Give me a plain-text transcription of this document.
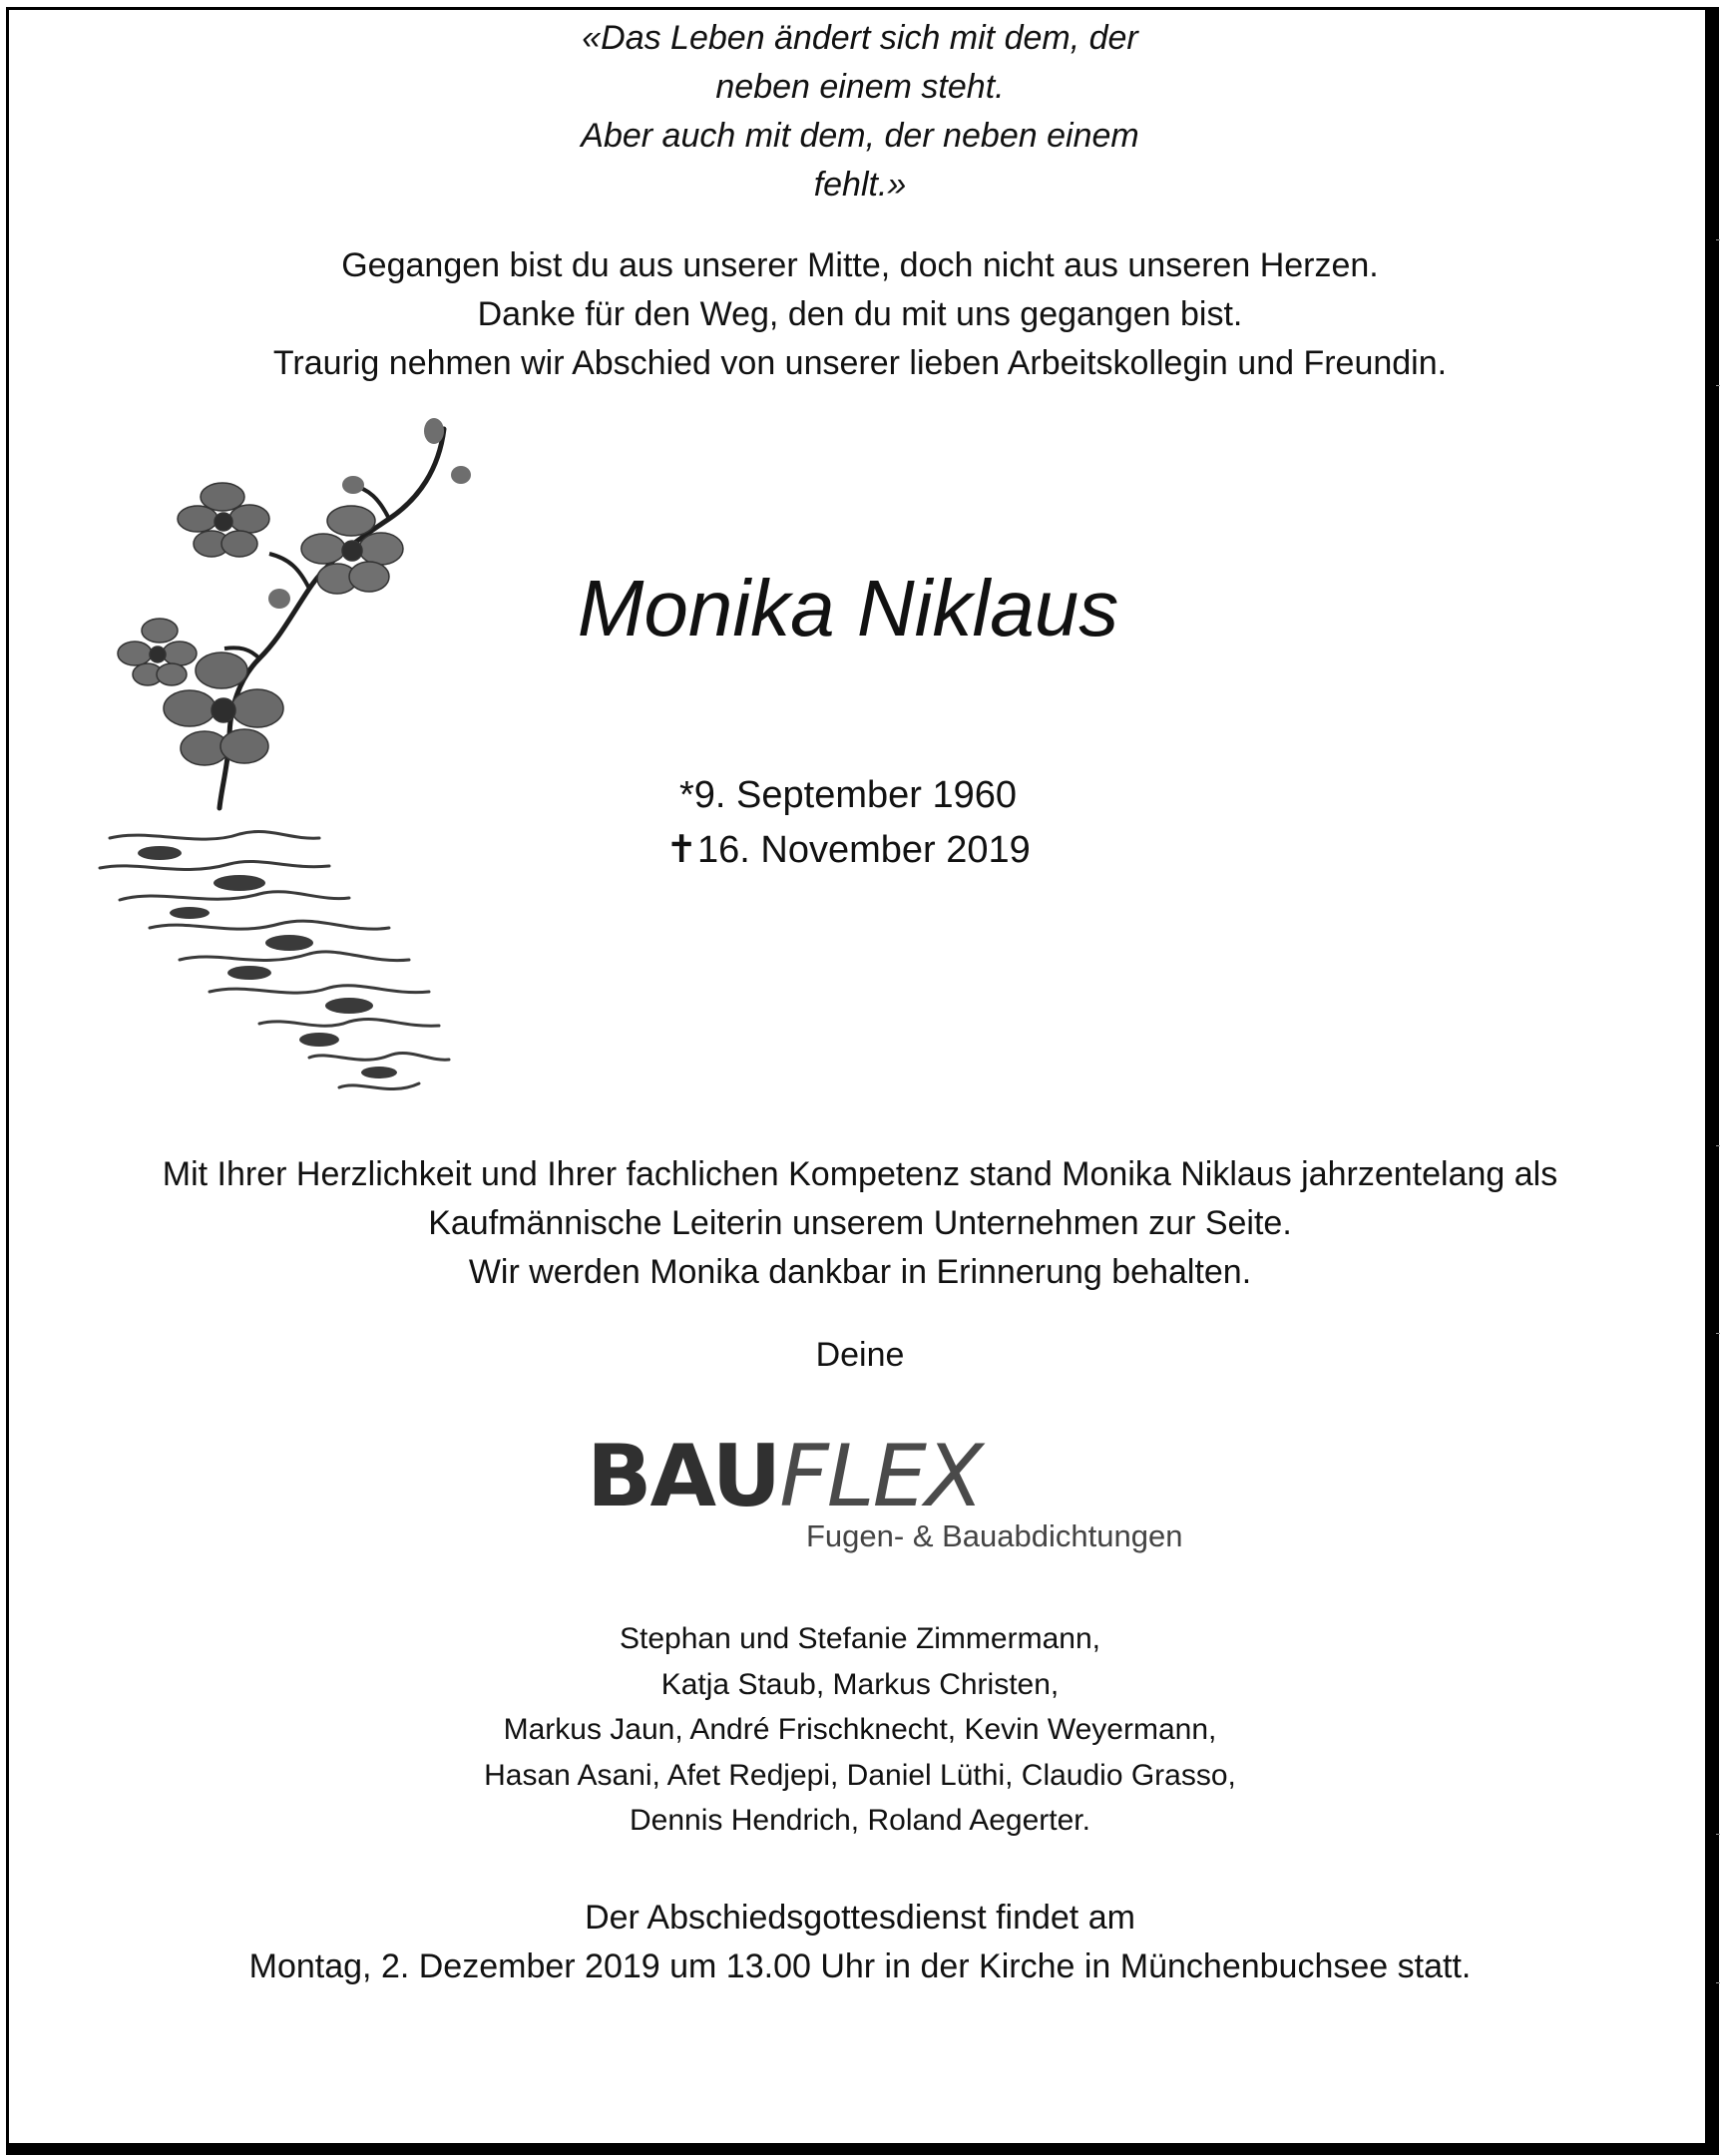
«Das Leben ändert sich mit dem, der
neben einem steht.
Aber auch mit dem, der neben einem
fehlt.»
Gegangen bist du aus unserer Mitte, doch nicht aus unseren Herzen.
Danke für den Weg, den du mit uns gegangen bist.
Traurig nehmen wir Abschied von unserer lieben Arbeitskollegin und Freundin.
Monika Niklaus
*9. September 1960
✝16. November 2019
Mit Ihrer Herzlichkeit und Ihrer fachlichen Kompetenz stand Monika Niklaus jahrzentelang als
Kaufmännische Leiterin unserem Unternehmen zur Seite.
Wir werden Monika dankbar in Erinnerung behalten.
Deine
BAUFLEX
Fugen- & Bauabdichtungen
Stephan und Stefanie Zimmermann,
Katja Staub, Markus Christen,
Markus Jaun, André Frischknecht, Kevin Weyermann,
Hasan Asani, Afet Redjepi, Daniel Lüthi, Claudio Grasso,
Dennis Hendrich, Roland Aegerter.
Der Abschiedsgottesdienst findet am
Montag, 2. Dezember 2019 um 13.00 Uhr in der Kirche in Münchenbuchsee statt.
